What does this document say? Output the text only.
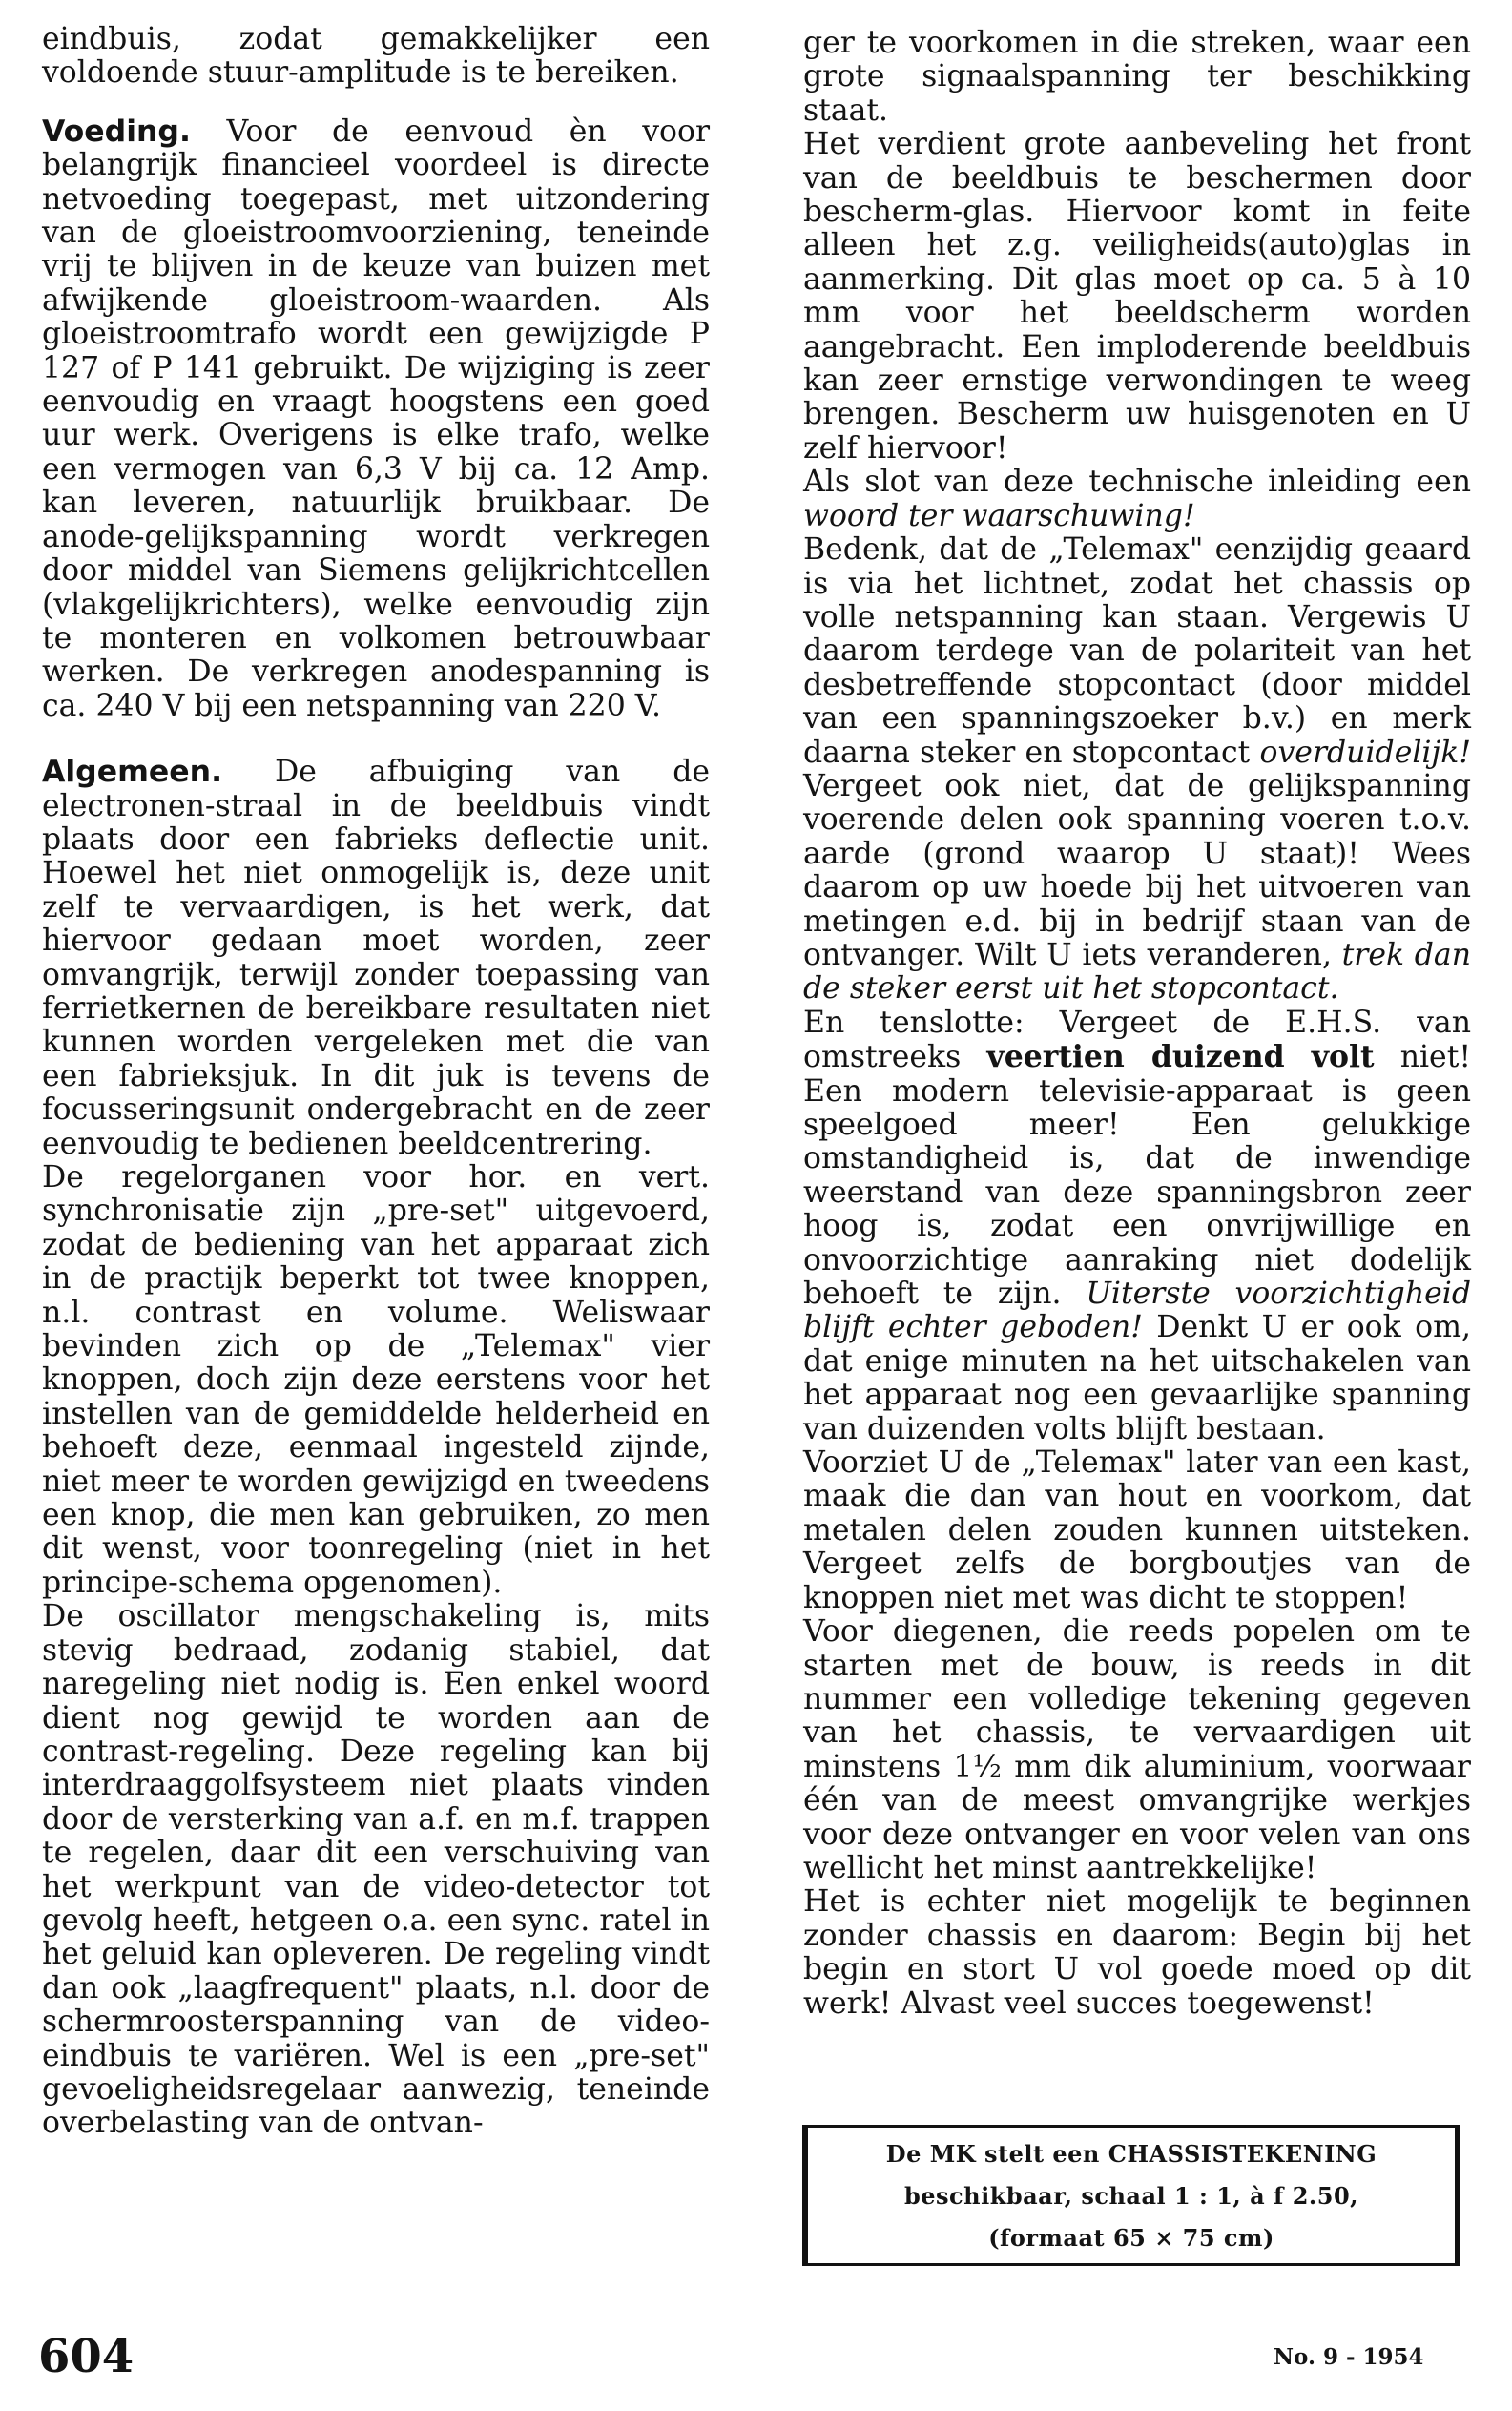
eindbuis, zodat gemakkelijker een voldoende stuur-amplitude is te bereiken.

Voeding. Voor de eenvoud èn voor belangrijk financieel voordeel is directe netvoeding toegepast, met uitzondering van de gloeistroomvoorziening, teneinde vrij te blijven in de keuze van buizen met afwijkende gloeistroom-waarden. Als gloeistroomtrafo wordt een gewijzigde P 127 of P 141 gebruikt. De wijziging is zeer eenvoudig en vraagt hoogstens een goed uur werk. Overigens is elke trafo, welke een vermogen van 6,3 V bij ca. 12 Amp. kan leveren, natuurlijk bruikbaar. De anode-gelijkspanning wordt verkregen door middel van Siemens gelijkrichtcellen (vlakgelijkrichters), welke eenvoudig zijn te monteren en volkomen betrouwbaar werken. De verkregen anodespanning is ca. 240 V bij een netspanning van 220 V.

Algemeen. De afbuiging van de electronen-straal in de beeldbuis vindt plaats door een fabrieks deflectie unit. Hoewel het niet onmogelijk is, deze unit zelf te vervaardigen, is het werk, dat hiervoor gedaan moet worden, zeer omvangrijk, terwijl zonder toepassing van ferrietkernen de bereikbare resultaten niet kunnen worden vergeleken met die van een fabrieksjuk. In dit juk is tevens de focusseringsunit ondergebracht en de zeer eenvoudig te bedienen beeldcentrering.

De regelorganen voor hor. en vert. synchronisatie zijn „pre-set" uitgevoerd, zodat de bediening van het apparaat zich in de practijk beperkt tot twee knoppen, n.l. contrast en volume. Weliswaar bevinden zich op de „Telemax" vier knoppen, doch zijn deze eerstens voor het instellen van de gemiddelde helderheid en behoeft deze, eenmaal ingesteld zijnde, niet meer te worden gewijzigd en tweedens een knop, die men kan gebruiken, zo men dit wenst, voor toonregeling (niet in het principe-schema opgenomen).

De oscillator mengschakeling is, mits stevig bedraad, zodanig stabiel, dat naregeling niet nodig is. Een enkel woord dient nog gewijd te worden aan de contrast-regeling. Deze regeling kan bij interdraaggolfsysteem niet plaats vinden door de versterking van a.f. en m.f. trappen te regelen, daar dit een verschuiving van het werkpunt van de video-detector tot gevolg heeft, hetgeen o.a. een sync. ratel in het geluid kan opleveren. De regeling vindt dan ook „laagfrequent" plaats, n.l. door de schermroosterspanning van de video-eindbuis te variëren. Wel is een „pre-set" gevoeligheidsregelaar aanwezig, teneinde overbelasting van de ontvan-

ger te voorkomen in die streken, waar een grote signaalspanning ter beschikking staat.

Het verdient grote aanbeveling het front van de beeldbuis te beschermen door bescherm-glas. Hiervoor komt in feite alleen het z.g. veiligheids(auto)glas in aanmerking. Dit glas moet op ca. 5 à 10 mm voor het beeldscherm worden aangebracht. Een imploderende beeldbuis kan zeer ernstige verwondingen te weeg brengen. Bescherm uw huisgenoten en U zelf hiervoor!

Als slot van deze technische inleiding een woord ter waarschuwing!

Bedenk, dat de „Telemax" eenzijdig geaard is via het lichtnet, zodat het chassis op volle netspanning kan staan. Vergewis U daarom terdege van de polariteit van het desbetreffende stopcontact (door middel van een spanningszoeker b.v.) en merk daarna steker en stopcontact overduidelijk! Vergeet ook niet, dat de gelijkspanning voerende delen ook spanning voeren t.o.v. aarde (grond waarop U staat)! Wees daarom op uw hoede bij het uitvoeren van metingen e.d. bij in bedrijf staan van de ontvanger. Wilt U iets veranderen, trek dan de steker eerst uit het stopcontact.

En tenslotte: Vergeet de E.H.S. van omstreeks veertien duizend volt niet! Een modern televisie-apparaat is geen speelgoed meer! Een gelukkige omstandigheid is, dat de inwendige weerstand van deze spanningsbron zeer hoog is, zodat een onvrijwillige en onvoorzichtige aanraking niet dodelijk behoeft te zijn. Uiterste voorzichtigheid blijft echter geboden! Denkt U er ook om, dat enige minuten na het uitschakelen van het apparaat nog een gevaarlijke spanning van duizenden volts blijft bestaan.

Voorziet U de „Telemax" later van een kast, maak die dan van hout en voorkom, dat metalen delen zouden kunnen uitsteken. Vergeet zelfs de borgboutjes van de knoppen niet met was dicht te stoppen!

Voor diegenen, die reeds popelen om te starten met de bouw, is reeds in dit nummer een volledige tekening gegeven van het chassis, te vervaardigen uit minstens 1½ mm dik aluminium, voorwaar één van de meest omvangrijke werkjes voor deze ontvanger en voor velen van ons wellicht het minst aantrekkelijke!

Het is echter niet mogelijk te beginnen zonder chassis en daarom: Begin bij het begin en stort U vol goede moed op dit werk! Alvast veel succes toegewenst!

De MK stelt een CHASSISTEKENING
beschikbaar, schaal 1 : 1, à f 2.50,
(formaat 65 × 75 cm)
604	No. 9 - 1954
